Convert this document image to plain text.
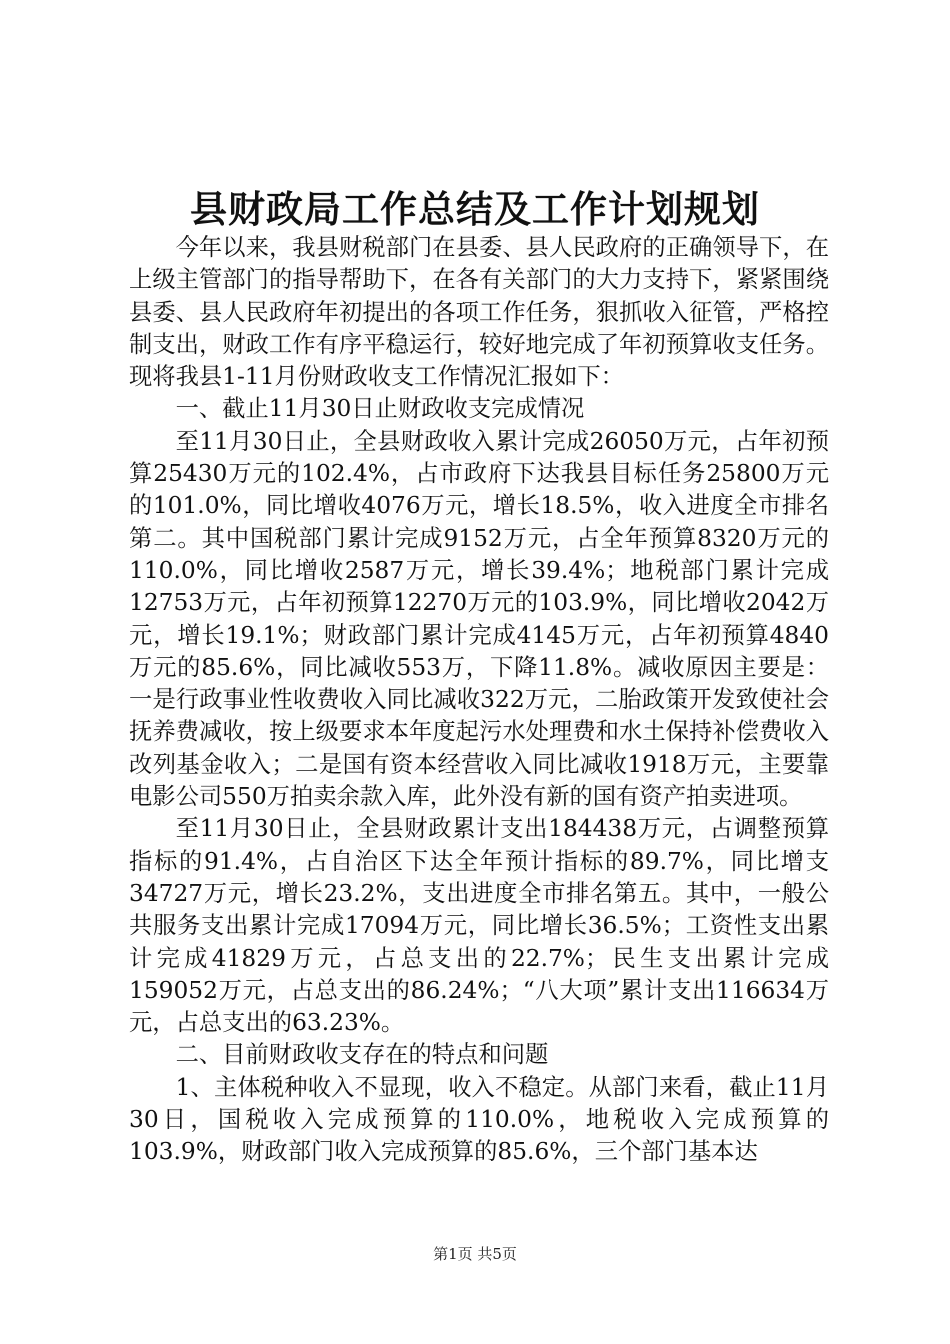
县财政局工作总结及工作计划规划

今年以来，我县财税部门在县委、县人民政府的正确领导下，在上级主管部门的指导帮助下，在各有关部门的大力支持下，紧紧围绕县委、县人民政府年初提出的各项工作任务，狠抓收入征管，严格控制支出，财政工作有序平稳运行，较好地完成了年初预算收支任务。现将我县1-11月份财政收支工作情况汇报如下：

一、截止11月30日止财政收支完成情况

至11月30日止，全县财政收入累计完成26050万元，占年初预算25430万元的102.4%，占市政府下达我县目标任务25800万元的101.0%，同比增收4076万元，增长18.5%，收入进度全市排名第二。其中国税部门累计完成9152万元，占全年预算8320万元的110.0%，同比增收2587万元，增长39.4%；地税部门累计完成12753万元，占年初预算12270万元的103.9%，同比增收2042万元，增长19.1%；财政部门累计完成4145万元，占年初预算4840万元的85.6%，同比减收553万，下降11.8%。减收原因主要是：一是行政事业性收费收入同比减收322万元，二胎政策开发致使社会抚养费减收，按上级要求本年度起污水处理费和水土保持补偿费收入改列基金收入；二是国有资本经营收入同比减收1918万元，主要靠电影公司550万拍卖余款入库，此外没有新的国有资产拍卖进项。

至11月30日止，全县财政累计支出184438万元，占调整预算指标的91.4%，占自治区下达全年预计指标的89.7%，同比增支34727万元，增长23.2%，支出进度全市排名第五。其中，一般公共服务支出累计完成17094万元，同比增长36.5%；工资性支出累计完成41829万元，占总支出的22.7%；民生支出累计完成159052万元，占总支出的86.24%；“八大项”累计支出116634万元，占总支出的63.23%。

二、目前财政收支存在的特点和问题

1、主体税种收入不显现，收入不稳定。从部门来看，截止11月30日，国税收入完成预算的110.0%，地税收入完成预算的103.9%，财政部门收入完成预算的85.6%，三个部门基本达

第1页 共5页
